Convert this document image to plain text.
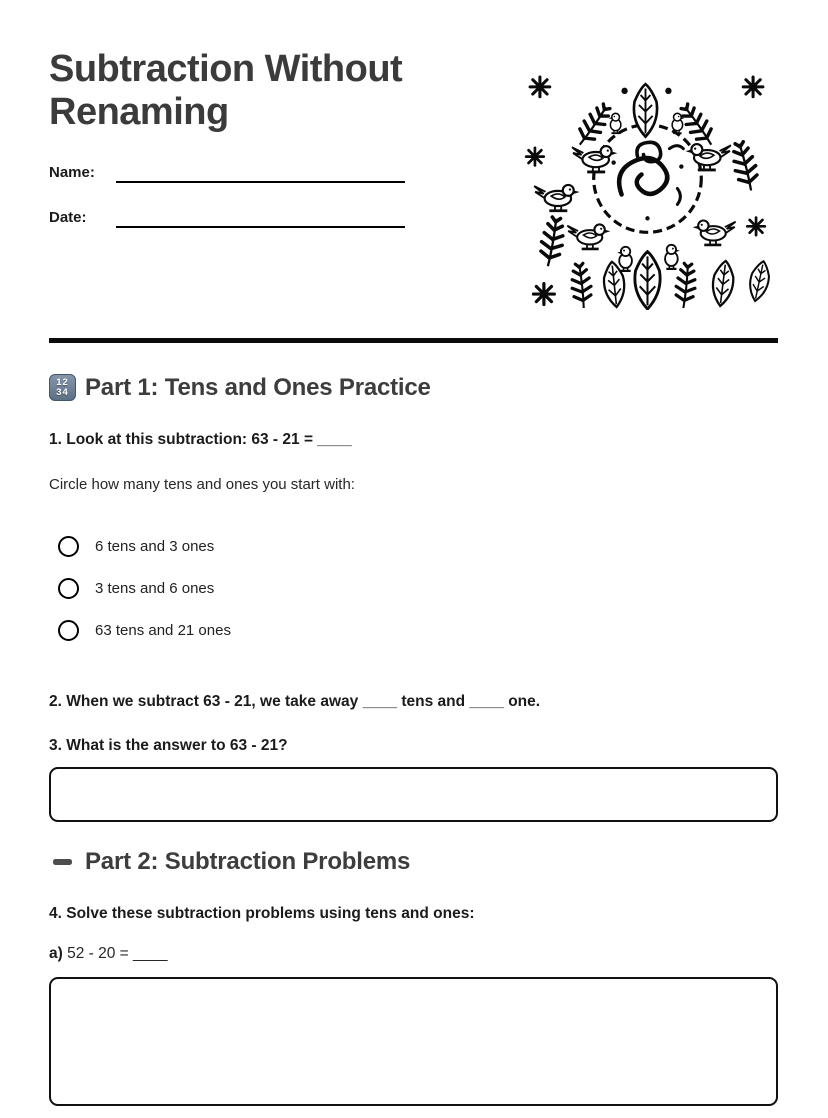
Subtraction Without Renaming
Name:
Date:
12
34 Part 1: Tens and Ones Practice
1. Look at this subtraction: 63 - 21 = ____
Circle how many tens and ones you start with:
6 tens and 3 ones
3 tens and 6 ones
63 tens and 21 ones
2. When we subtract 63 - 21, we take away ____ tens and ____ one.
3. What is the answer to 63 - 21?
Part 2: Subtraction Problems
4. Solve these subtraction problems using tens and ones:
a) 52 - 20 = ____
